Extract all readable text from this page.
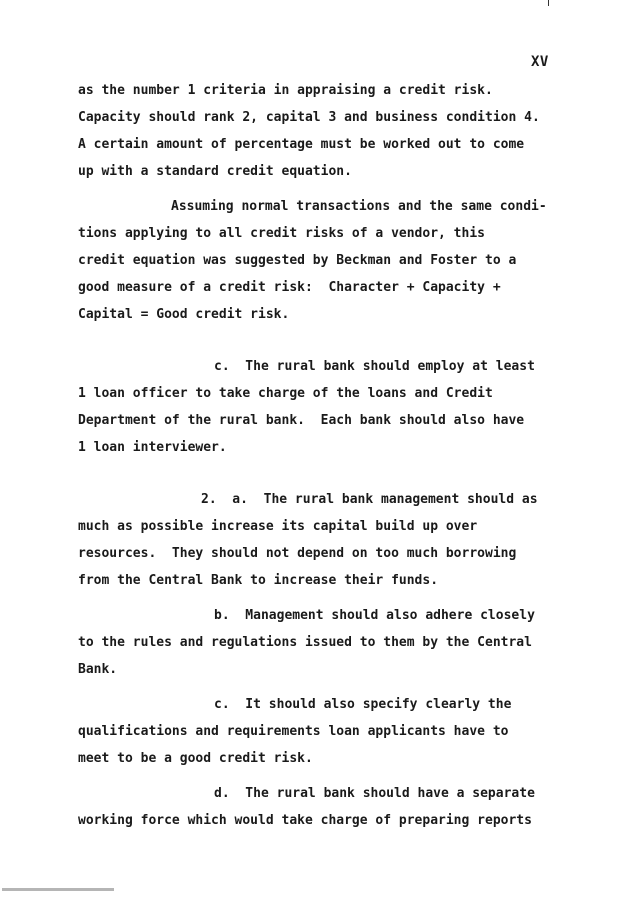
XV
as the number 1 criteria in appraising a credit risk.
Capacity should rank 2, capital 3 and business condition 4.
A certain amount of percentage must be worked out to come
up with a standard credit equation.
Assuming normal transactions and the same condi-
tions applying to all credit risks of a vendor, this
credit equation was suggested by Beckman and Foster to a
good measure of a credit risk:  Character + Capacity +
Capital = Good credit risk.
c.  The rural bank should employ at least
1 loan officer to take charge of the loans and Credit
Department of the rural bank.  Each bank should also have
1 loan interviewer.
2.  a.  The rural bank management should as
much as possible increase its capital build up over
resources.  They should not depend on too much borrowing
from the Central Bank to increase their funds.
b.  Management should also adhere closely
to the rules and regulations issued to them by the Central
Bank.
c.  It should also specify clearly the
qualifications and requirements loan applicants have to
meet to be a good credit risk.
d.  The rural bank should have a separate
working force which would take charge of preparing reports
